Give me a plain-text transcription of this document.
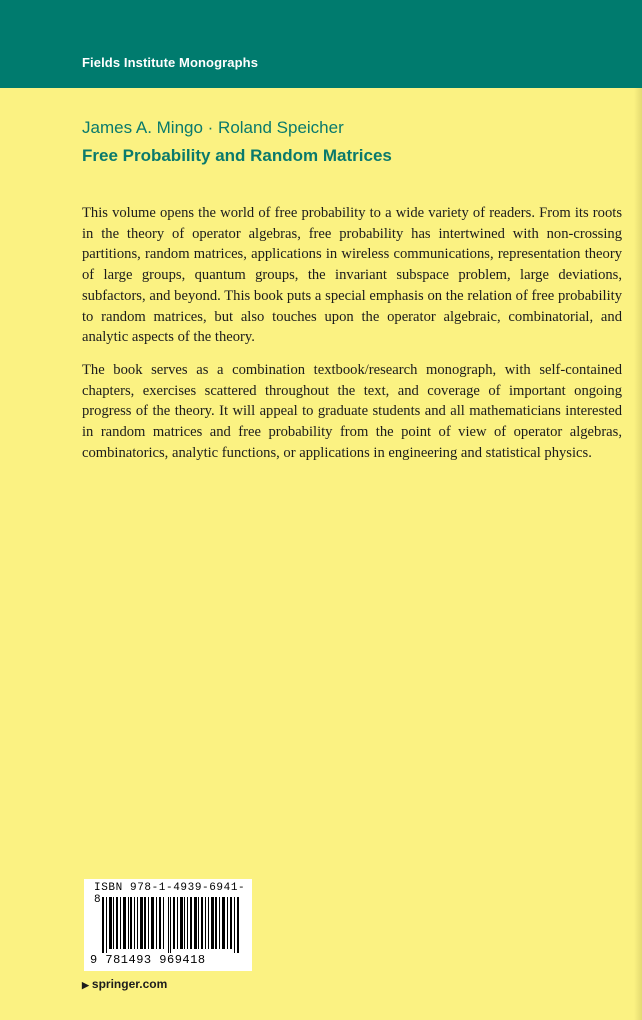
Fields Institute Monographs
James A. Mingo · Roland Speicher
Free Probability and Random Matrices

This volume opens the world of free probability to a wide variety of readers. From its roots in the theory of operator algebras, free probability has intertwined with non-crossing partitions, random matrices, applications in wireless communications, representation theory of large groups, quantum groups, the invariant subspace problem, large deviations, subfactors, and beyond. This book puts a special emphasis on the relation of free probability to random matrices, but also touches upon the operator algebraic, combinatorial, and analytic aspects of the theory.

The book serves as a combination textbook/research monograph, with self-contained chapters, exercises scattered throughout the text, and coverage of important ongoing progress of the theory. It will appeal to graduate students and all mathematicians interested in random matrices and free probability from the point of view of operator algebras, combinatorics, analytic functions, or applications in engineering and statistical physics.

ISBN 978-1-4939-6941-8
9 781493 969418
▶ springer.com
